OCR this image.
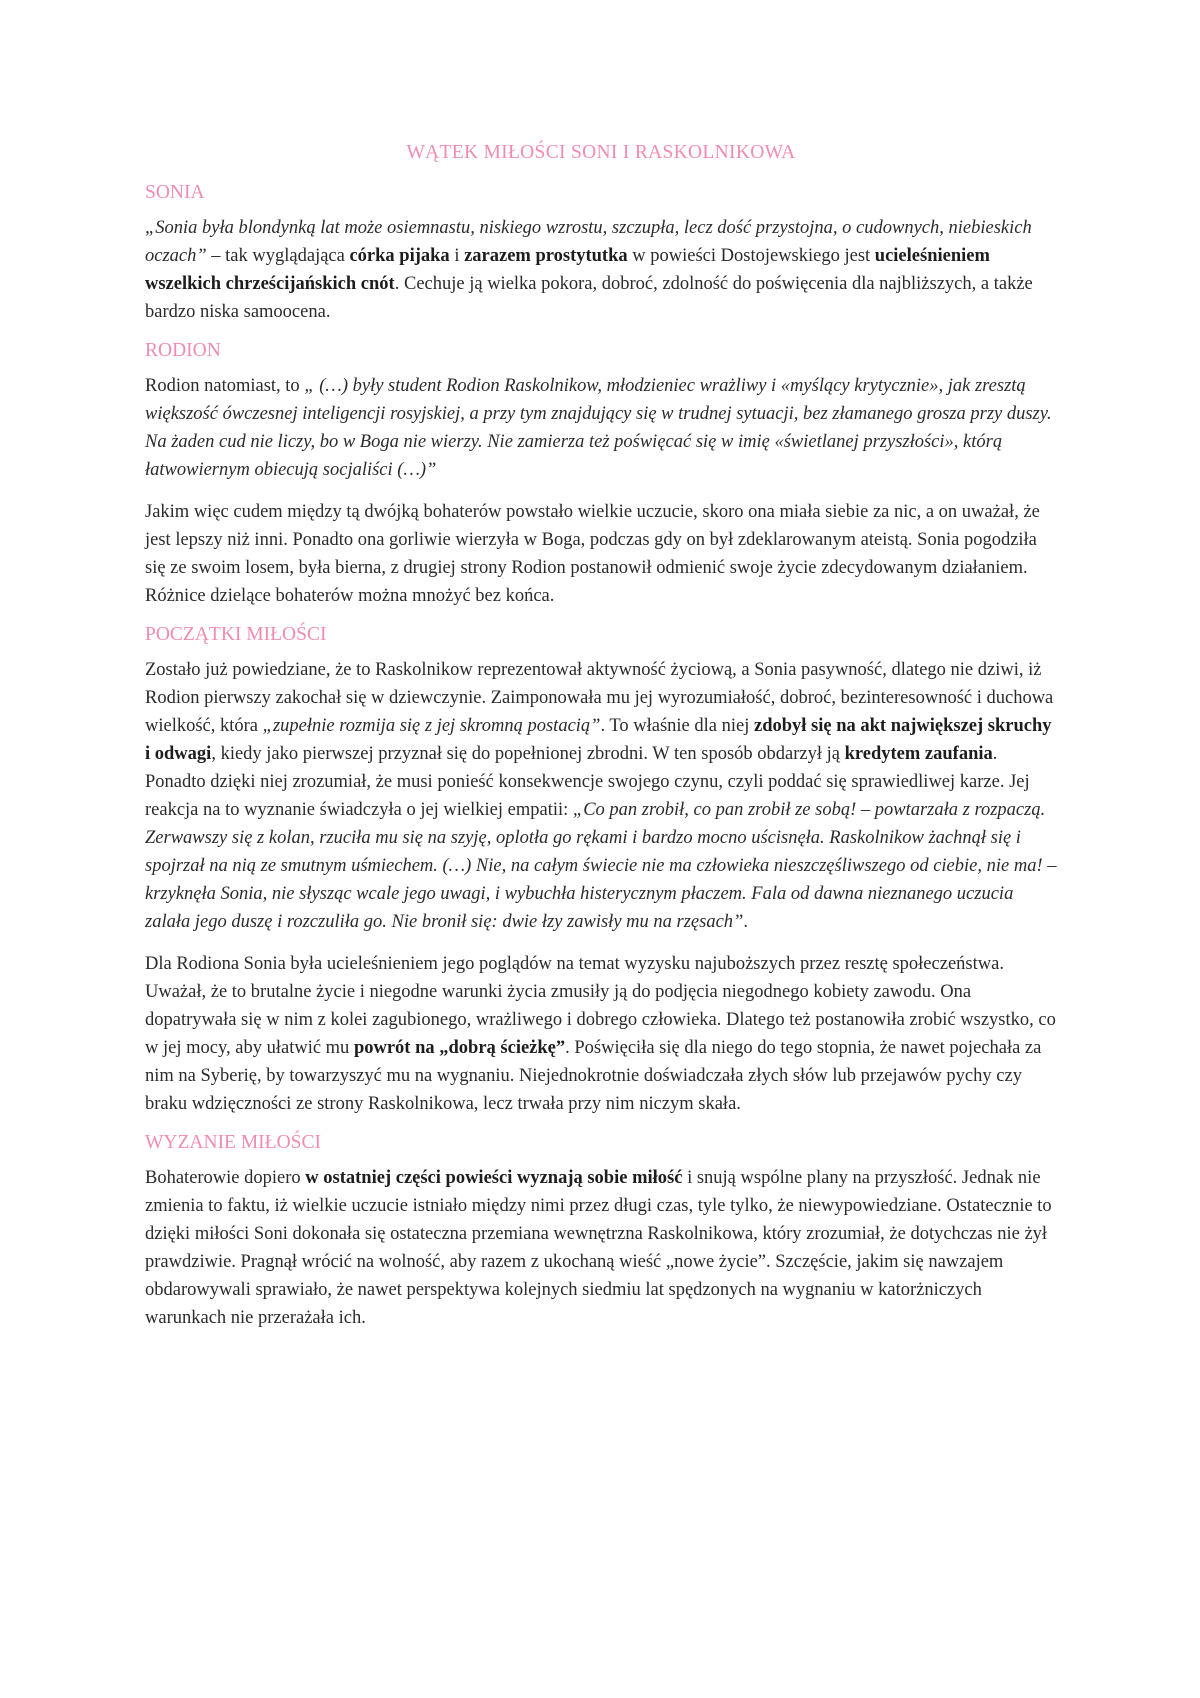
WĄTEK MIŁOŚCI SONI I RASKOLNIKOWA
SONIA

„Sonia była blondynką lat może osiemnastu, niskiego wzrostu, szczupła, lecz dość przystojna, o cudownych, niebieskich oczach” – tak wyglądająca córka pijaka i zarazem prostytutka w powieści Dostojewskiego jest ucieleśnieniem wszelkich chrześcijańskich cnót. Cechuje ją wielka pokora, dobroć, zdolność do poświęcenia dla najbliższych, a także bardzo niska samoocena.

RODION

Rodion natomiast, to „ (…) były student Rodion Raskolnikow, młodzieniec wrażliwy i «myślący krytycznie», jak zresztą większość ówczesnej inteligencji rosyjskiej, a przy tym znajdujący się w trudnej sytuacji, bez złamanego grosza przy duszy. Na żaden cud nie liczy, bo w Boga nie wierzy. Nie zamierza też poświęcać się w imię «świetlanej przyszłości», którą łatwowiernym obiecują socjaliści (…)”

Jakim więc cudem między tą dwójką bohaterów powstało wielkie uczucie, skoro ona miała siebie za nic, a on uważał, że jest lepszy niż inni. Ponadto ona gorliwie wierzyła w Boga, podczas gdy on był zdeklarowanym ateistą. Sonia pogodziła się ze swoim losem, była bierna, z drugiej strony Rodion postanowił odmienić swoje życie zdecydowanym działaniem. Różnice dzielące bohaterów można mnożyć bez końca.

POCZĄTKI MIŁOŚCI

Zostało już powiedziane, że to Raskolnikow reprezentował aktywność życiową, a Sonia pasywność, dlatego nie dziwi, iż Rodion pierwszy zakochał się w dziewczynie. Zaimponowała mu jej wyrozumiałość, dobroć, bezinteresowność i duchowa wielkość, która „zupełnie rozmija się z jej skromną postacią”. To właśnie dla niej zdobył się na akt największej skruchy i odwagi, kiedy jako pierwszej przyznał się do popełnionej zbrodni. W ten sposób obdarzył ją kredytem zaufania. Ponadto dzięki niej zrozumiał, że musi ponieść konsekwencje swojego czynu, czyli poddać się sprawiedliwej karze. Jej reakcja na to wyznanie świadczyła o jej wielkiej empatii: „Co pan zrobił, co pan zrobił ze sobą! – powtarzała z rozpaczą. Zerwawszy się z kolan, rzuciła mu się na szyję, oplotła go rękami i bardzo mocno uścisnęła. Raskolnikow żachnął się i spojrzał na nią ze smutnym uśmiechem. (…) Nie, na całym świecie nie ma człowieka nieszczęśliwszego od ciebie, nie ma! – krzyknęła Sonia, nie słysząc wcale jego uwagi, i wybuchła histerycznym płaczem. Fala od dawna nieznanego uczucia zalała jego duszę i rozczuliła go. Nie bronił się: dwie łzy zawisły mu na rzęsach”.

Dla Rodiona Sonia była ucieleśnieniem jego poglądów na temat wyzysku najuboższych przez resztę społeczeństwa. Uważał, że to brutalne życie i niegodne warunki życia zmusiły ją do podjęcia niegodnego kobiety zawodu. Ona dopatrywała się w nim z kolei zagubionego, wrażliwego i dobrego człowieka. Dlatego też postanowiła zrobić wszystko, co w jej mocy, aby ułatwić mu powrót na „dobrą ścieżkę”. Poświęciła się dla niego do tego stopnia, że nawet pojechała za nim na Syberię, by towarzyszyć mu na wygnaniu. Niejednokrotnie doświadczała złych słów lub przejawów pychy czy braku wdzięczności ze strony Raskolnikowa, lecz trwała przy nim niczym skała.

WYZANIE MIŁOŚCI

Bohaterowie dopiero w ostatniej części powieści wyznają sobie miłość i snują wspólne plany na przyszłość. Jednak nie zmienia to faktu, iż wielkie uczucie istniało między nimi przez długi czas, tyle tylko, że niewypowiedziane. Ostatecznie to dzięki miłości Soni dokonała się ostateczna przemiana wewnętrzna Raskolnikowa, który zrozumiał, że dotychczas nie żył prawdziwie. Pragnął wrócić na wolność, aby razem z ukochaną wieść „nowe życie”. Szczęście, jakim się nawzajem obdarowywali sprawiało, że nawet perspektywa kolejnych siedmiu lat spędzonych na wygnaniu w katorżniczych warunkach nie przerażała ich.
